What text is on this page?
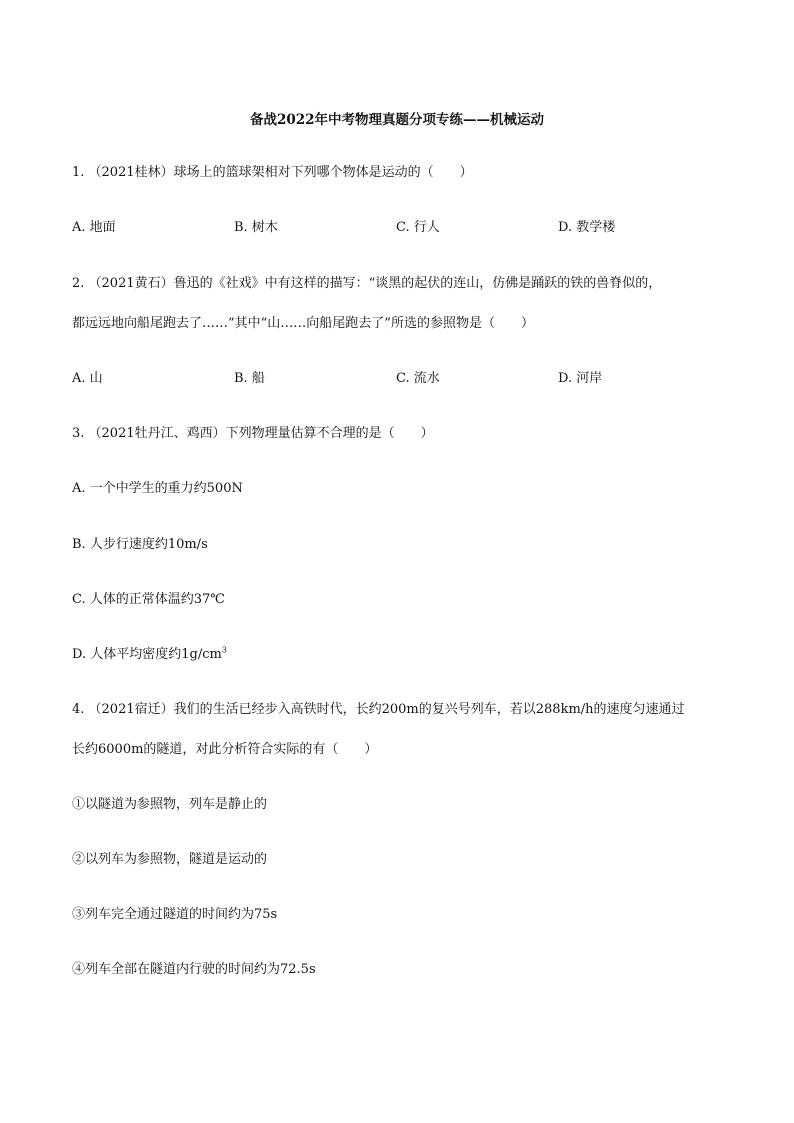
备战2022年中考物理真题分项专练——机械运动
1. （2021桂林）球场上的篮球架相对下列哪个物体是运动的（　　）
A. 地面	B. 树木	C. 行人	D. 教学楼
2. （2021黄石）鲁迅的《社戏》中有这样的描写：“谈黑的起伏的连山，仿佛是踊跃的铁的兽脊似的，
都远远地向船尾跑去了……”其中“山……向船尾跑去了”所选的参照物是（　　）
A. 山	B. 船	C. 流水	D. 河岸
3. （2021牡丹江、鸡西）下列物理量估算不合理的是（　　）
A. 一个中学生的重力约500N
B. 人步行速度约10m/s
C. 人体的正常体温约37℃
D. 人体平均密度约$1g/cm^3$
4. （2021宿迁）我们的生活已经步入高铁时代，长约200m的复兴号列车，若以288km/h的速度匀速通过
长约6000m的隧道，对此分析符合实际的有（　　）
①以隧道为参照物，列车是静止的
②以列车为参照物，隧道是运动的
③列车完全通过隧道的时间约为75s
④列车全部在隧道内行驶的时间约为72.5s
